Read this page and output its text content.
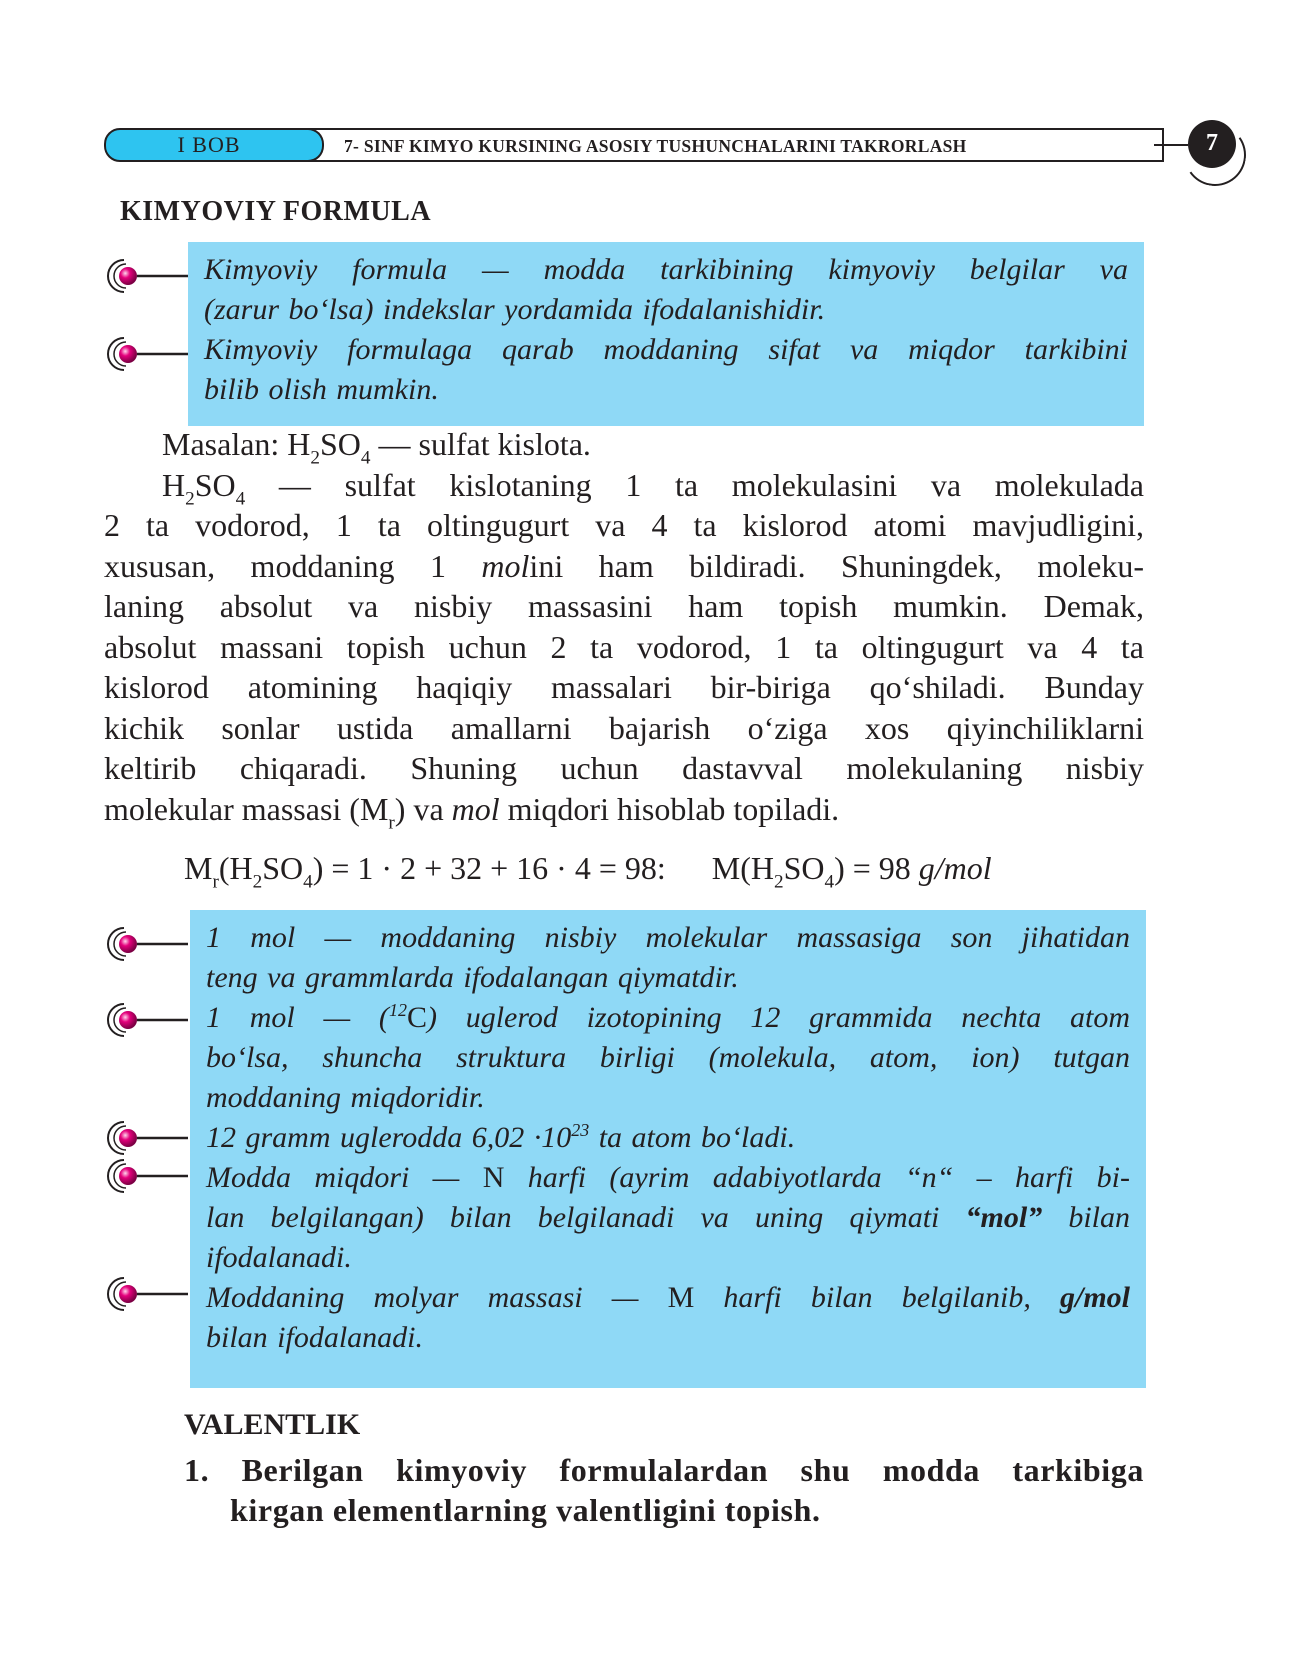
I BOB	7- SINF KIMYO KURSINING ASOSIY TUSHUNCHALARINI TAKRORLASH	7
KIMYOVIY FORMULA
Kimyoviy formula — modda tarkibining kimyoviy belgilar va
(zarur bo‘lsa) indekslar yordamida ifodalanishidir.
Kimyoviy formulaga qarab moddaning sifat va miqdor tarkibini
bilib olish mumkin.
Masalan: $H_2SO_4$ — sulfat kislota.
$H_2SO_4$ — sulfat kislotaning 1 ta molekulasini va molekulada
2 ta vodorod, 1 ta oltingugurt va 4 ta kislorod atomi mavjudligini,
xususan, moddaning 1 molini ham bildiradi. Shuningdek, moleku-
laning absolut va nisbiy massasini ham topish mumkin. Demak,
absolut massani topish uchun 2 ta vodorod, 1 ta oltingugurt va 4 ta
kislorod atomining haqiqiy massalari bir-biriga qo‘shiladi. Bunday
kichik sonlar ustida amallarni bajarish o‘ziga xos qiyinchiliklarni
keltirib chiqaradi. Shuning uchun dastavval molekulaning nisbiy
molekular massasi $(M_r)$ va mol miqdori hisoblab topiladi.
$M_r(H_2SO_4) = 1 \cdot 2 + 32 + 16 \cdot 4 = 98$: $M(H_2SO_4) = 98$ g/mol
1 mol — moddaning nisbiy molekular massasiga son jihatidan
teng va grammlarda ifodalangan qiymatdir.
1 mol — ($^{12}$C) uglerod izotopining 12 grammida nechta atom
bo‘lsa, shuncha struktura birligi (molekula, atom, ion) tutgan
moddaning miqdoridir.
12 gramm uglerodda $6,02 \cdot 10^{23}$ ta atom bo‘ladi.
Modda miqdori — N harfi (ayrim adabiyotlarda “n“ – harfi bi-
lan belgilangan) bilan belgilanadi va uning qiymati “mol” bilan
ifodalanadi.
Moddaning molyar massasi — M harfi bilan belgilanib, g/mol
bilan ifodalanadi.
VALENTLIK
1. Berilgan kimyoviy formulalardan shu modda tarkibiga
kirgan elementlarning valentligini topish.
